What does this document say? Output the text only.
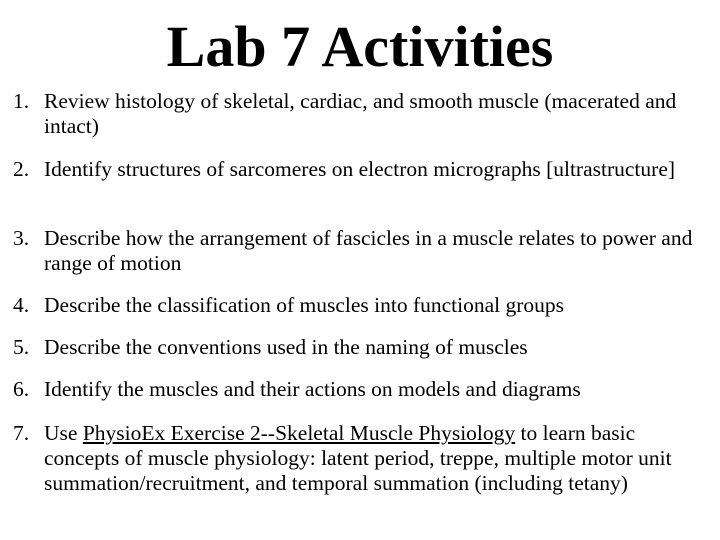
Lab 7 Activities
1. Review histology of skeletal, cardiac, and smooth muscle (macerated and intact)
2. Identify structures of sarcomeres on electron micrographs [ultrastructure]
3. Describe how the arrangement of fascicles in a muscle relates to power and range of motion
4. Describe the classification of muscles into functional groups
5. Describe the conventions used in the naming of muscles
6. Identify the muscles and their actions on models and diagrams
7. Use PhysioEx Exercise 2--Skeletal Muscle Physiology to learn basic concepts of muscle physiology: latent period, treppe, multiple motor unit summation/recruitment, and temporal summation (including tetany)
